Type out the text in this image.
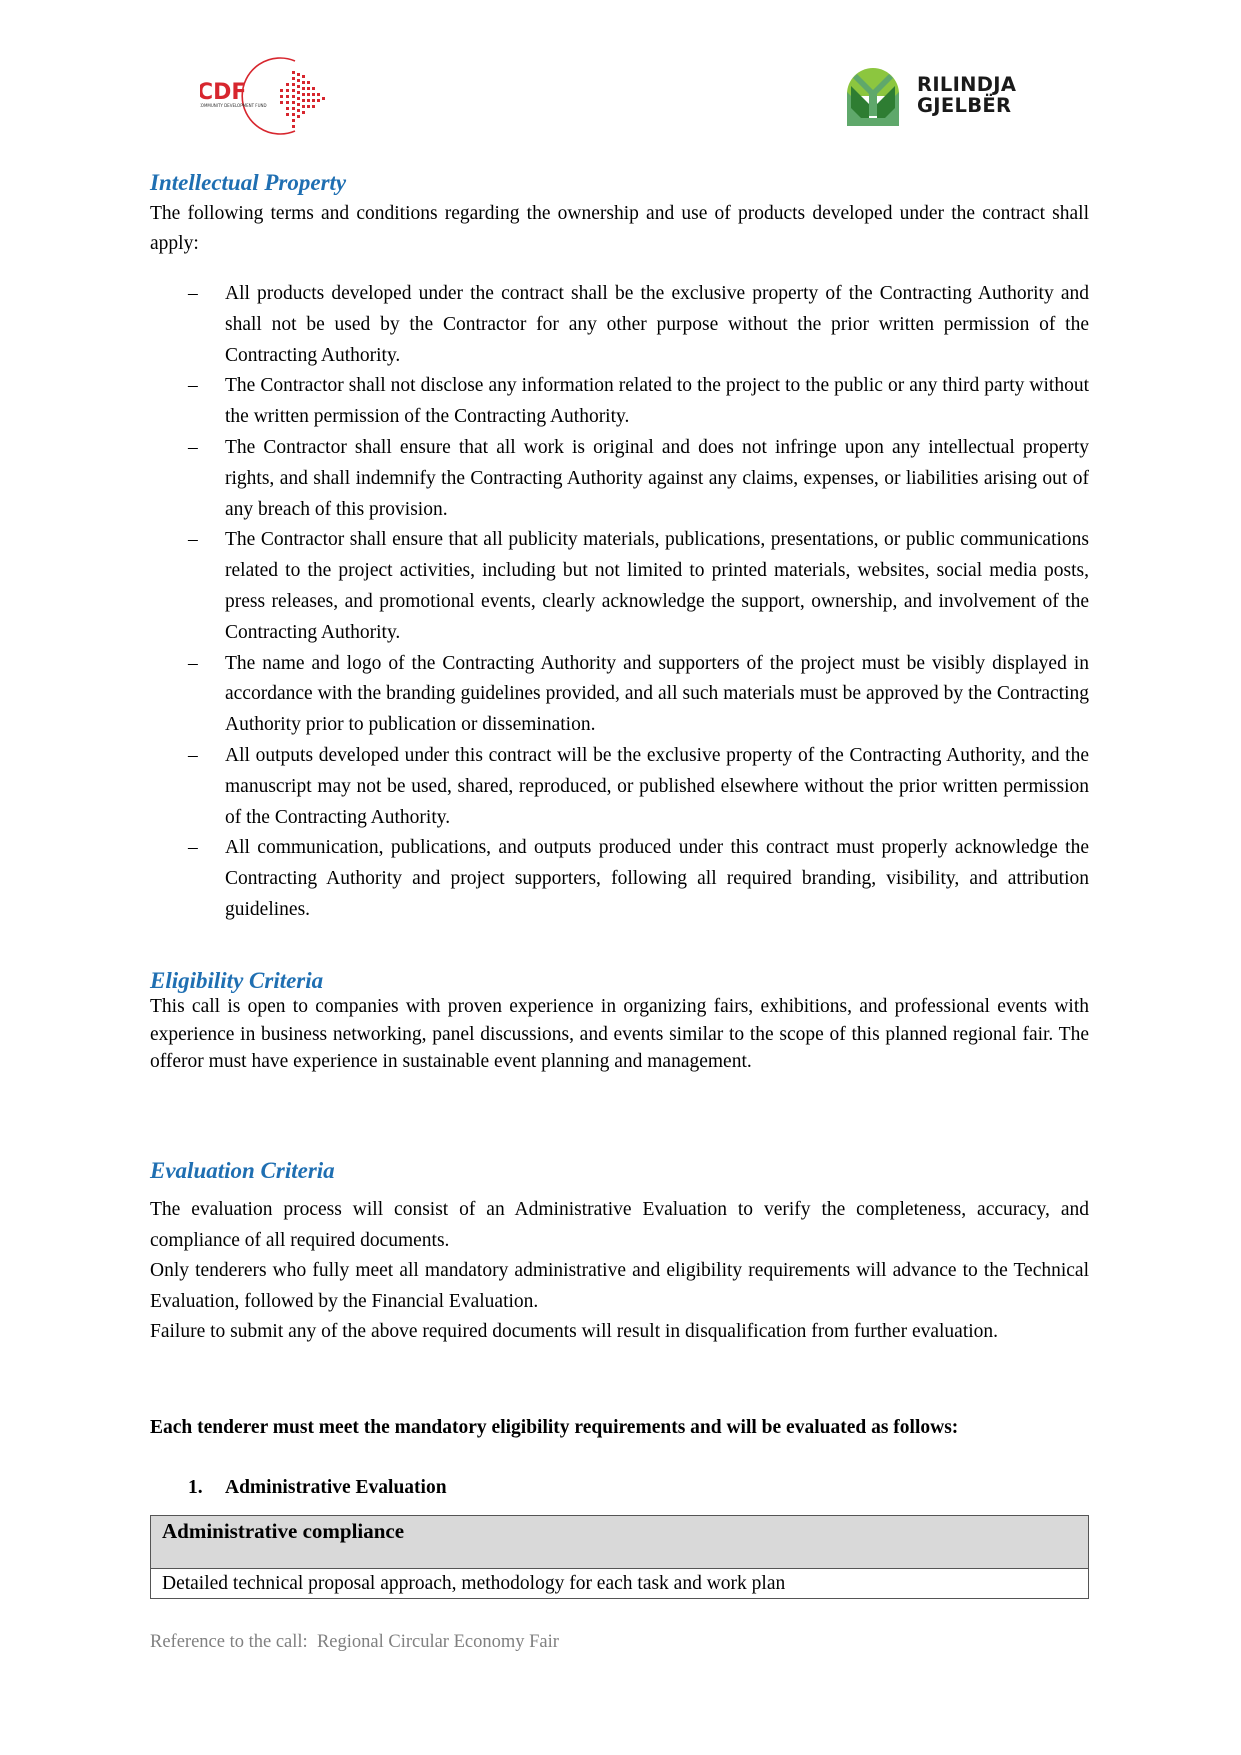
CDF
COMMUNITY DEVELOPMENT FUND
RILINDJA
GJELBËR
Intellectual Property

The following terms and conditions regarding the ownership and use of products developed under the contract shall apply:

– All products developed under the contract shall be the exclusive property of the Contracting Authority and shall not be used by the Contractor for any other purpose without the prior written permission of the Contracting Authority.
– The Contractor shall not disclose any information related to the project to the public or any third party without the written permission of the Contracting Authority.
– The Contractor shall ensure that all work is original and does not infringe upon any intellectual property rights, and shall indemnify the Contracting Authority against any claims, expenses, or liabilities arising out of any breach of this provision.
– The Contractor shall ensure that all publicity materials, publications, presentations, or public communications related to the project activities, including but not limited to printed materials, websites, social media posts, press releases, and promotional events, clearly acknowledge the support, ownership, and involvement of the Contracting Authority.
– The name and logo of the Contracting Authority and supporters of the project must be visibly displayed in accordance with the branding guidelines provided, and all such materials must be approved by the Contracting Authority prior to publication or dissemination.
– All outputs developed under this contract will be the exclusive property of the Contracting Authority, and the manuscript may not be used, shared, reproduced, or published elsewhere without the prior written permission of the Contracting Authority.
– All communication, publications, and outputs produced under this contract must properly acknowledge the Contracting Authority and project supporters, following all required branding, visibility, and attribution guidelines.
Eligibility Criteria

This call is open to companies with proven experience in organizing fairs, exhibitions, and professional events with experience in business networking, panel discussions, and events similar to the scope of this planned regional fair. The offeror must have experience in sustainable event planning and management.

Evaluation Criteria

The evaluation process will consist of an Administrative Evaluation to verify the completeness, accuracy, and compliance of all required documents.

Only tenderers who fully meet all mandatory administrative and eligibility requirements will advance to the Technical Evaluation, followed by the Financial Evaluation.

Failure to submit any of the above required documents will result in disqualification from further evaluation.

Each tenderer must meet the mandatory eligibility requirements and will be evaluated as follows:

1. Administrative Evaluation
Administrative compliance
Detailed technical proposal approach, methodology for each task and work plan
Reference to the call: Regional Circular Economy Fair
